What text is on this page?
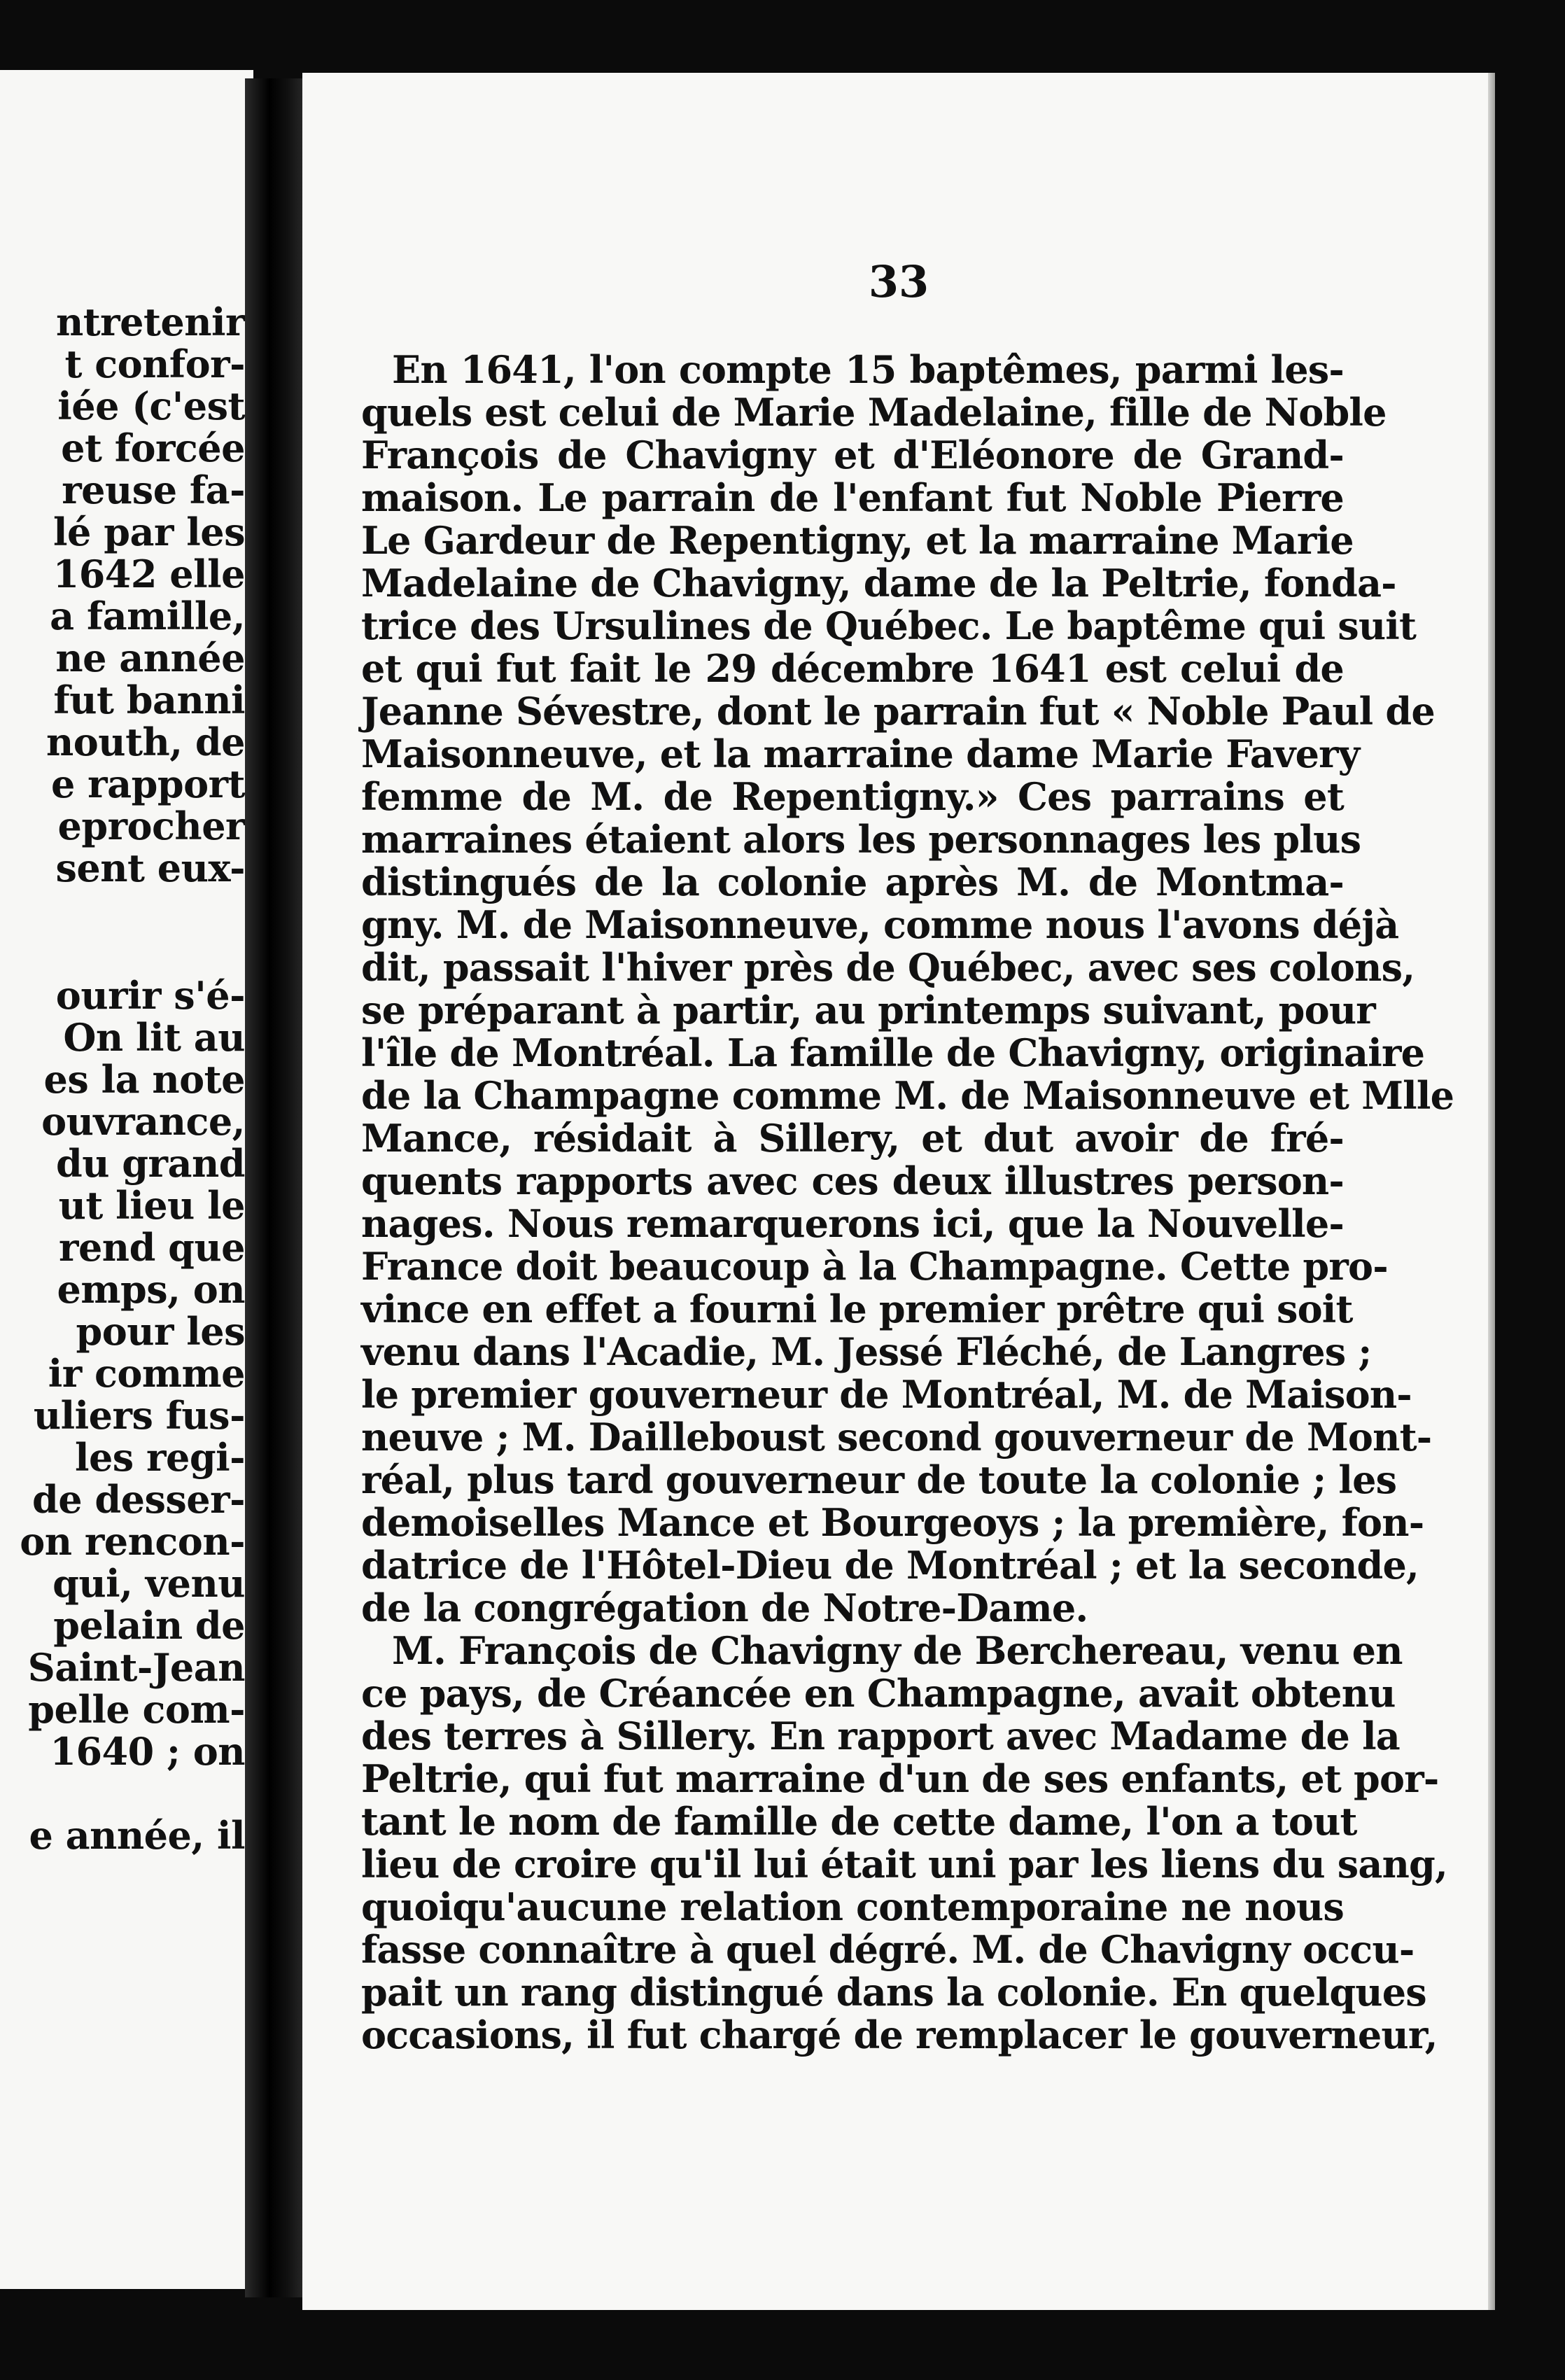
ntretenir
t confor-
iée (c'est
et forcée
reuse fa-
lé par les
1642 elle
a famille,
ne année
fut banni
nouth, de
e rapport
eprocher
sent eux-
ourir s'é-
On lit au
es la note
ouvrance,
du grand
ut lieu le
rend que
emps, on
pour les
ir comme
uliers fus-
les regi-
de desser-
on rencon-
qui, venu
pelain de
Saint-Jean
pelle com-
1640 ; on
e année, il
33
En 1641, l'on compte 15 baptêmes, parmi les-
quels est celui de Marie Madelaine, fille de Noble
François de Chavigny et d'Eléonore de Grand-
maison. Le parrain de l'enfant fut Noble Pierre
Le Gardeur de Repentigny, et la marraine Marie
Madelaine de Chavigny, dame de la Peltrie, fonda-
trice des Ursulines de Québec. Le baptême qui suit
et qui fut fait le 29 décembre 1641 est celui de
Jeanne Sévestre, dont le parrain fut « Noble Paul de
Maisonneuve, et la marraine dame Marie Favery
femme de M. de Repentigny.» Ces parrains et
marraines étaient alors les personnages les plus
distingués de la colonie après M. de Montma-
gny. M. de Maisonneuve, comme nous l'avons déjà
dit, passait l'hiver près de Québec, avec ses colons,
se préparant à partir, au printemps suivant, pour
l'île de Montréal. La famille de Chavigny, originaire
de la Champagne comme M. de Maisonneuve et Mlle
Mance, résidait à Sillery, et dut avoir de fré-
quents rapports avec ces deux illustres person-
nages. Nous remarquerons ici, que la Nouvelle-
France doit beaucoup à la Champagne. Cette pro-
vince en effet a fourni le premier prêtre qui soit
venu dans l'Acadie, M. Jessé Fléché, de Langres ;
le premier gouverneur de Montréal, M. de Maison-
neuve ; M. Dailleboust second gouverneur de Mont-
réal, plus tard gouverneur de toute la colonie ; les
demoiselles Mance et Bourgeoys ; la première, fon-
datrice de l'Hôtel-Dieu de Montréal ; et la seconde,
de la congrégation de Notre-Dame.
M. François de Chavigny de Berchereau, venu en
ce pays, de Créancée en Champagne, avait obtenu
des terres à Sillery. En rapport avec Madame de la
Peltrie, qui fut marraine d'un de ses enfants, et por-
tant le nom de famille de cette dame, l'on a tout
lieu de croire qu'il lui était uni par les liens du sang,
quoiqu'aucune relation contemporaine ne nous
fasse connaître à quel dégré. M. de Chavigny occu-
pait un rang distingué dans la colonie. En quelques
occasions, il fut chargé de remplacer le gouverneur,
